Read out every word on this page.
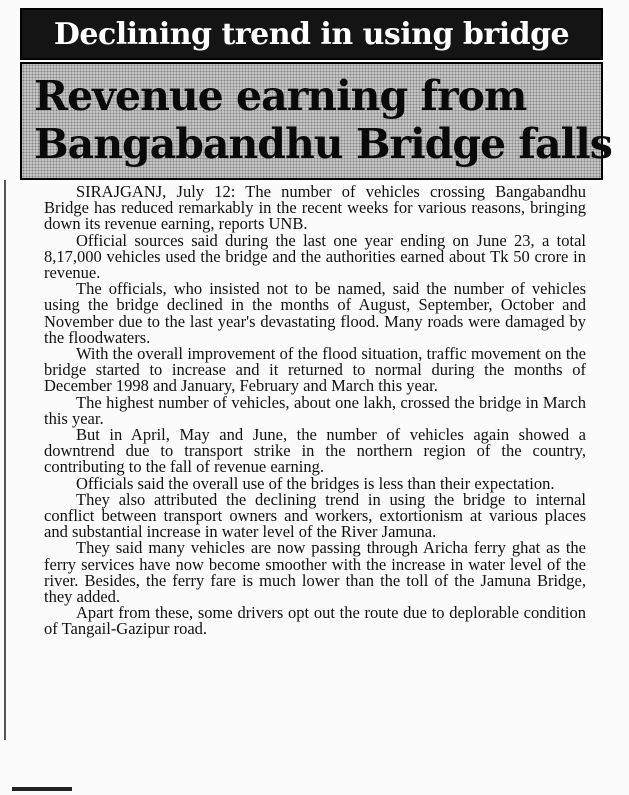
Declining trend in using bridge
Revenue earning from
Bangabandhu Bridge falls

SIRAJGANJ, July 12: The number of vehicles crossing Bangabandhu Bridge has reduced remarkably in the recent weeks for various reasons, bringing down its revenue earning, reports UNB.

Official sources said during the last one year ending on June 23, a total 8,17,000 vehicles used the bridge and the authorities earned about Tk 50 crore in revenue.

The officials, who insisted not to be named, said the number of vehicles using the bridge declined in the months of August, September, October and November due to the last year's devastating flood. Many roads were damaged by the floodwaters.

With the overall improvement of the flood situation, traffic movement on the bridge started to increase and it returned to normal during the months of December 1998 and January, February and March this year.

The highest number of vehicles, about one lakh, crossed the bridge in March this year.

But in April, May and June, the number of vehicles again showed a downtrend due to transport strike in the northern region of the country, contributing to the fall of revenue earning.

Officials said the overall use of the bridges is less than their expectation.

They also attributed the declining trend in using the bridge to internal conflict between transport owners and workers, extortionism at various places and substantial increase in water level of the River Jamuna.

They said many vehicles are now passing through Aricha ferry ghat as the ferry services have now become smoother with the increase in water level of the river. Besides, the ferry fare is much lower than the toll of the Jamuna Bridge, they added.

Apart from these, some drivers opt out the route due to deplorable condition of Tangail-Gazipur road.
